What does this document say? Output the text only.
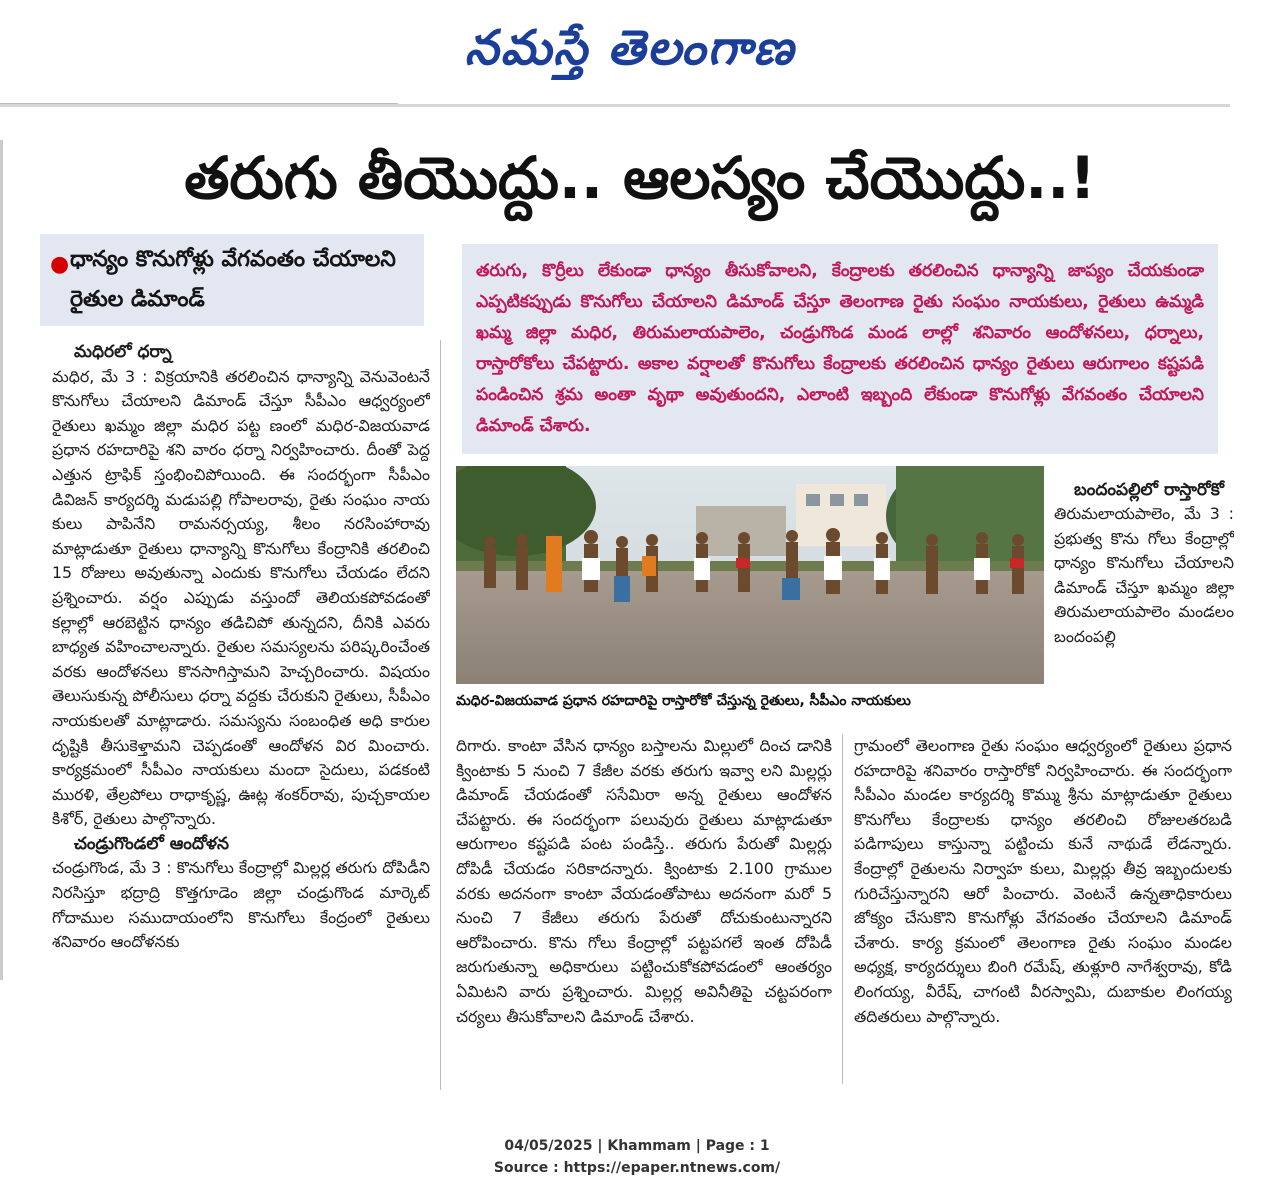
నమస్తే తెలంగాణ
తరుగు తీయొద్దు.. ఆలస్యం చేయొద్దు..!
● ధాన్యం కొనుగోళ్లు వేగవంతం చేయాలని రైతుల డిమాండ్
తరుగు, కొర్రీలు లేకుండా ధాన్యం తీసుకోవాలని, కేంద్రాలకు తరలించిన ధాన్యాన్ని జాప్యం చేయకుండా ఎప్పటికప్పుడు కొనుగోలు చేయాలని డిమాండ్ చేస్తూ తెలంగాణ రైతు సంఘం నాయకులు, రైతులు ఉమ్మడి ఖమ్మ జిల్లా మధిర, తిరుమలాయపాలెం, చండ్రుగొండ మండ లాల్లో శనివారం ఆందోళనలు, ధర్నాలు, రాస్తారోకోలు చేపట్టారు. అకాల వర్షాలతో కొనుగోలు కేంద్రాలకు తరలించిన ధాన్యం రైతులు ఆరుగాలం కష్టపడి పండించిన శ్రమ అంతా వృథా అవుతుందని, ఎలాంటి ఇబ్బంది లేకుండా కొనుగోళ్లు వేగవంతం చేయాలని డిమాండ్ చేశారు.

మధిరలో ధర్నా

మధిర, మే 3 : విక్రయానికి తరలించిన ధాన్యాన్ని వెనువెంటనే కొనుగోలు చేయాలని డిమాండ్ చేస్తూ సీపీఎం ఆధ్వర్యంలో రైతులు ఖమ్మం జిల్లా మధిర పట్ట ణంలో మధిర-విజయవాడ ప్రధాన రహదారిపై శని వారం ధర్నా నిర్వహించారు. దీంతో పెద్ద ఎత్తున ట్రాఫిక్ స్తంభించిపోయింది. ఈ సందర్భంగా సీపీఎం డివిజన్ కార్యదర్శి మడుపల్లి గోపాలరావు, రైతు సంఘం నాయ కులు పాపినేని రామనర్సయ్య, శీలం నరసింహారావు మాట్లాడుతూ రైతులు ధాన్యాన్ని కొనుగోలు కేంద్రానికి తరలించి 15 రోజులు అవుతున్నా ఎందుకు కొనుగోలు చేయడం లేదని ప్రశ్నించారు. వర్షం ఎప్పుడు వస్తుందో తెలియకపోవడంతో కల్లాల్లో ఆరబెట్టిన ధాన్యం తడిచిపో తున్నదని, దీనికి ఎవరు బాధ్యత వహించాలన్నారు. రైతుల సమస్యలను పరిష్కరించేంత వరకు ఆందోళనలు కొనసాగిస్తామని హెచ్చరించారు. విషయం తెలుసుకున్న పోలీసులు ధర్నా వద్దకు చేరుకుని రైతులు, సీపీఎం నాయకులతో మాట్లాడారు. సమస్యను సంబంధిత అధి కారుల దృష్టికి తీసుకెళ్తామని చెప్పడంతో ఆందోళన విర మించారు. కార్యక్రమంలో సీపీఎం నాయకులు మందా సైదులు, పడకంటి మురళి, తేల్రపోలు రాధాకృష్ణ, ఊట్ల శంకర్‌రావు, పుచ్చకాయల కిశోర్, రైతులు పాల్గొన్నారు.

చండ్రుగొండలో ఆందోళన

చండ్రుగొండ, మే 3 : కొనుగోలు కేంద్రాల్లో మిల్లర్ల తరుగు దోపిడీని నిరసిస్తూ భద్రాద్రి కొత్తగూడెం జిల్లా చండ్రుగొండ మార్కెట్ గోదాముల సముదాయంలోని కొనుగోలు కేంద్రంలో రైతులు శనివారం ఆందోళనకు

మధిర-విజయవాడ ప్రధాన రహదారిపై రాస్తారోకో చేస్తున్న రైతులు, సీపీఎం నాయకులు

బందంపల్లిలో రాస్తారోకో

తిరుమలాయపాలెం, మే 3 : ప్రభుత్వ కొను గోలు కేంద్రాల్లో ధాన్యం కొనుగోలు చేయాలని డిమాండ్ చేస్తూ ఖమ్మం జిల్లా తిరుమలాయపాలెం మండలం బందంపల్లి

దిగారు. కాంటా వేసిన ధాన్యం బస్తాలను మిల్లులో దించ డానికి క్వింటాకు 5 నుంచి 7 కేజీల వరకు తరుగు ఇవ్వా లని మిల్లర్లు డిమాండ్ చేయడంతో ససేమిరా అన్న రైతులు ఆందోళన చేపట్టారు. ఈ సందర్భంగా పలువురు రైతులు మాట్లాడుతూ ఆరుగాలం కష్టపడి పంట పండిస్తే.. తరుగు పేరుతో మిల్లర్లు దోపిడీ చేయడం సరికాదన్నారు. క్వింటాకు 2.100 గ్రాముల వరకు అదనంగా కాంటా వేయడంతోపాటు అదనంగా మరో 5 నుంచి 7 కేజీలు తరుగు పేరుతో దోచుకుంటున్నారని ఆరోపించారు. కొను గోలు కేంద్రాల్లో పట్టపగలే ఇంత దోపిడీ జరుగుతున్నా అధికారులు పట్టించుకోకపోవడంలో ఆంతర్యం ఏమిటని వారు ప్రశ్నించారు. మిల్లర్ల అవినీతిపై చట్టపరంగా చర్యలు తీసుకోవాలని డిమాండ్ చేశారు.
గ్రామంలో తెలంగాణ రైతు సంఘం ఆధ్వర్యంలో రైతులు ప్రధాన రహదారిపై శనివారం రాస్తారోకో నిర్వహించారు. ఈ సందర్భంగా సీపీఎం మండల కార్యదర్శి కొమ్ము శ్రీను మాట్లాడుతూ రైతులు కొనుగోలు కేంద్రాలకు ధాన్యం తరలించి రోజులతరబడి పడిగాపులు కాస్తున్నా పట్టించు కునే నాథుడే లేడన్నారు. కేంద్రాల్లో రైతులను నిర్వాహ కులు, మిల్లర్లు తీవ్ర ఇబ్బందులకు గురిచేస్తున్నారని ఆరో పించారు. వెంటనే ఉన్నతాధికారులు జోక్యం చేసుకొని కొనుగోళ్లు వేగవంతం చేయాలని డిమాండ్ చేశారు. కార్య క్రమంలో తెలంగాణ రైతు సంఘం మండల అధ్యక్ష, కార్యదర్శులు బింగి రమేష్, తుళ్లూరి నాగేశ్వరావు, కోడి లింగయ్య, వీరేష్, చాగంటి వీరస్వామి, దుబాకుల లింగయ్య తదితరులు పాల్గొన్నారు.
04/05/2025 | Khammam | Page : 1
Source : https://epaper.ntnews.com/
